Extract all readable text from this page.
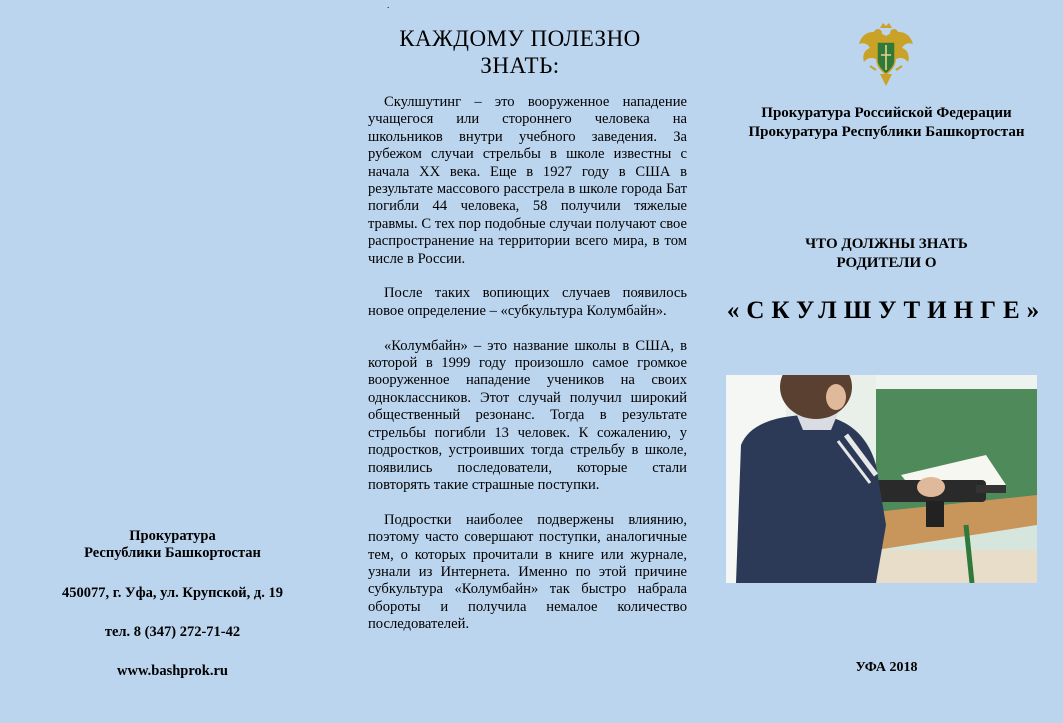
Прокуратура
Республики Башкортостан

450077, г. Уфа, ул. Крупской, д. 19

тел. 8 (347) 272-71-42

www.bashprok.ru

.
КАЖДОМУ ПОЛЕЗНО
ЗНАТЬ:

Скулшутинг – это вооруженное нападение учащегося или стороннего человека на школьников внутри учебного заведения. За рубежом случаи стрельбы в школе известны с начала XX века. Еще в 1927 году в США в результате массового расстрела в школе города Бат погибли 44 человека, 58 получили тяжелые травмы. С тех пор подобные случаи получают свое распространение на территории всего мира, в том числе в России.

После таких вопиющих случаев появилось новое определение – «субкультура Колумбайн».

«Колумбайн» – это название школы в США, в которой в 1999 году произошло самое громкое вооруженное нападение учеников на своих одноклассников. Этот случай получил широкий общественный резонанс. Тогда в результате стрельбы погибли 13 человек. К сожалению, у подростков, устроивших тогда стрельбу в школе, появились последователи, которые стали повторять такие страшные поступки.

Подростки наиболее подвержены влиянию, поэтому часто совершают поступки, аналогичные тем, о которых прочитали в книге или журнале, узнали из Интернета. Именно по этой причине субкультура «Колумбайн» так быстро набрала обороты и получила немалое количество последователей.

Прокуратура Российской Федерации
Прокуратура Республики Башкортостан
ЧТО ДОЛЖНЫ ЗНАТЬ
РОДИТЕЛИ О
«СКУЛШУТИНГЕ»
УФА 2018
